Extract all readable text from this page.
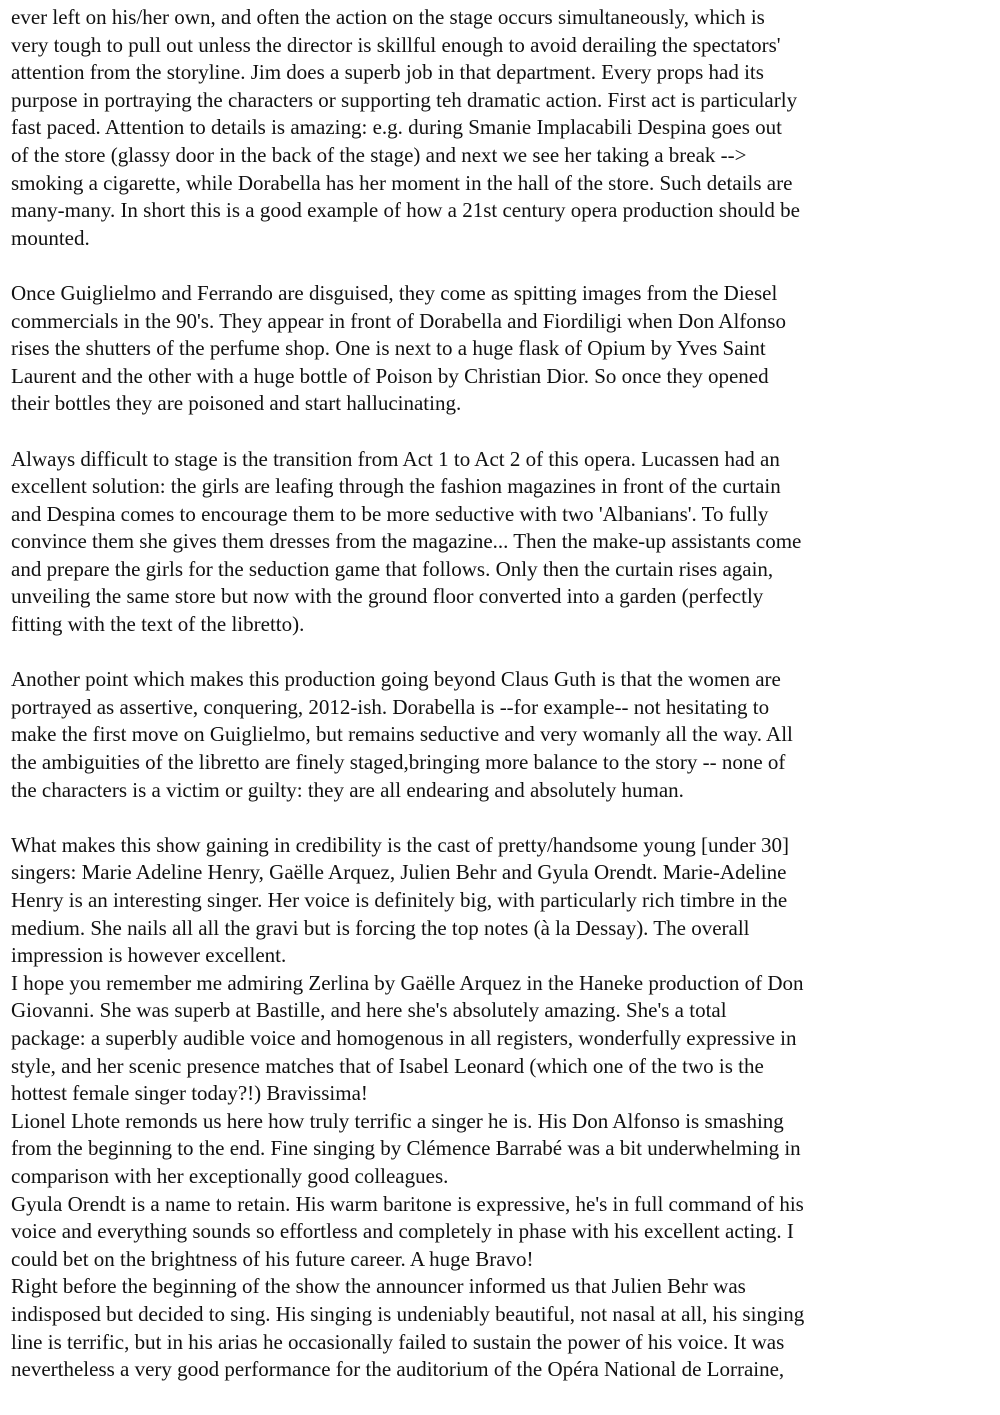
ever left on his/her own, and often the action on the stage occurs simultaneously, which is
very tough to pull out unless the director is skillful enough to avoid derailing the spectators'
attention from the storyline. Jim does a superb job in that department. Every props had its
purpose in portraying the characters or supporting teh dramatic action. First act is particularly
fast paced. Attention to details is amazing: e.g. during Smanie Implacabili Despina goes out
of the store (glassy door in the back of the stage) and next we see her taking a break -->
smoking a cigarette, while Dorabella has her moment in the hall of the store. Such details are
many-many. In short this is a good example of how a 21st century opera production should be
mounted.
Once Guiglielmo and Ferrando are disguised, they come as spitting images from the Diesel
commercials in the 90's. They appear in front of Dorabella and Fiordiligi when Don Alfonso
rises the shutters of the perfume shop. One is next to a huge flask of Opium by Yves Saint
Laurent and the other with a huge bottle of Poison by Christian Dior. So once they opened
their bottles they are poisoned and start hallucinating.
Always difficult to stage is the transition from Act 1 to Act 2 of this opera. Lucassen had an
excellent solution: the girls are leafing through the fashion magazines in front of the curtain
and Despina comes to encourage them to be more seductive with two 'Albanians'. To fully
convince them she gives them dresses from the magazine... Then the make-up assistants come
and prepare the girls for the seduction game that follows. Only then the curtain rises again,
unveiling the same store but now with the ground floor converted into a garden (perfectly
fitting with the text of the libretto).
Another point which makes this production going beyond Claus Guth is that the women are
portrayed as assertive, conquering, 2012-ish. Dorabella is --for example-- not hesitating to
make the first move on Guiglielmo, but remains seductive and very womanly all the way. All
the ambiguities of the libretto are finely staged,bringing more balance to the story -- none of
the characters is a victim or guilty: they are all endearing and absolutely human.
What makes this show gaining in credibility is the cast of pretty/handsome young [under 30]
singers: Marie Adeline Henry, Gaëlle Arquez, Julien Behr and Gyula Orendt. Marie-Adeline
Henry is an interesting singer. Her voice is definitely big, with particularly rich timbre in the
medium. She nails all all the gravi but is forcing the top notes (à la Dessay). The overall
impression is however excellent.
I hope you remember me admiring Zerlina by Gaëlle Arquez in the Haneke production of Don
Giovanni. She was superb at Bastille, and here she's absolutely amazing. She's a total
package: a superbly audible voice and homogenous in all registers, wonderfully expressive in
style, and her scenic presence matches that of Isabel Leonard (which one of the two is the
hottest female singer today?!) Bravissima!
Lionel Lhote remonds us here how truly terrific a singer he is. His Don Alfonso is smashing
from the beginning to the end. Fine singing by Clémence Barrabé was a bit underwhelming in
comparison with her exceptionally good colleagues.
Gyula Orendt is a name to retain. His warm baritone is expressive, he's in full command of his
voice and everything sounds so effortless and completely in phase with his excellent acting. I
could bet on the brightness of his future career. A huge Bravo!
Right before the beginning of the show the announcer informed us that Julien Behr was
indisposed but decided to sing. His singing is undeniably beautiful, not nasal at all, his singing
line is terrific, but in his arias he occasionally failed to sustain the power of his voice. It was
nevertheless a very good performance for the auditorium of the Opéra National de Lorraine,
